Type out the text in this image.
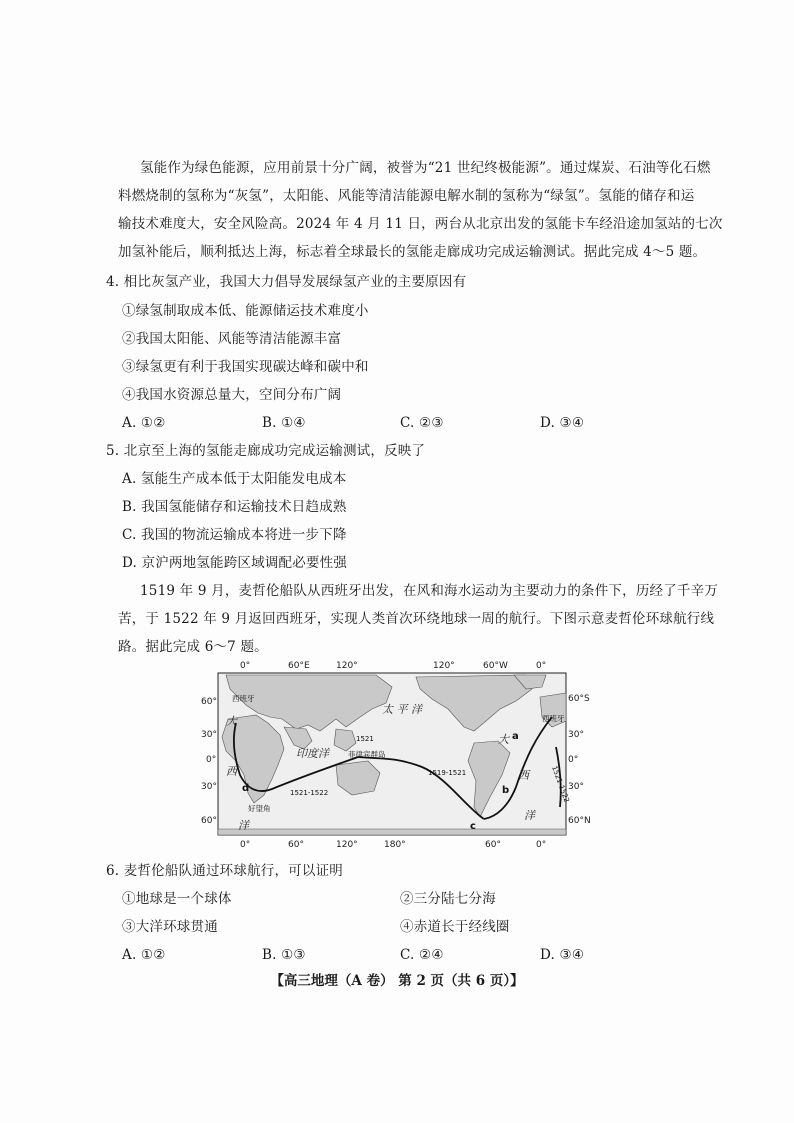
氢能作为绿色能源，应用前景十分广阔，被誉为“21 世纪终极能源”。通过煤炭、石油等化石燃
料燃烧制的氢称为“灰氢”，太阳能、风能等清洁能源电解水制的氢称为“绿氢”。氢能的储存和运
输技术难度大，安全风险高。2024 年 4 月 11 日，两台从北京出发的氢能卡车经沿途加氢站的七次
加氢补能后，顺利抵达上海，标志着全球最长的氢能走廊成功完成运输测试。据此完成 4～5 题。
4. 相比灰氢产业，我国大力倡导发展绿氢产业的主要原因有
①绿氢制取成本低、能源储运技术难度小
②我国太阳能、风能等清洁能源丰富
③绿氢更有利于我国实现碳达峰和碳中和
④我国水资源总量大，空间分布广阔
A. ①②	B. ①④	C. ②③	D. ③④
5. 北京至上海的氢能走廊成功完成运输测试，反映了
A. 氢能生产成本低于太阳能发电成本
B. 我国氢能储存和运输技术日趋成熟
C. 我国的物流运输成本将进一步下降
D. 京沪两地氢能跨区域调配必要性强
1519 年 9 月，麦哲伦船队从西班牙出发，在风和海水运动为主要动力的条件下，历经了千辛万
苦，于 1522 年 9 月返回西班牙，实现人类首次环绕地球一周的航行。下图示意麦哲伦环球航行线
路。据此完成 6～7 题。
0°	60°E	120°	120°	60°W	0°
0°	60°	120°	180°	60°	0°
60°
30°
0°
30°
60°
60°S
30°
0°
30°
60°N
太 平 洋
印度洋
大
西
洋
大
西
洋
西班牙
西班牙
好望角
菲律宾群岛
1521
1519-1521
1521-1522	1521-1522
a
b
c
d
6. 麦哲伦船队通过环球航行，可以证明
①地球是一个球体	②三分陆七分海
③大洋环球贯通	④赤道长于经线圈
A. ①②	B. ①③	C. ②④	D. ③④
【高三地理（A 卷） 第 2 页（共 6 页）】
